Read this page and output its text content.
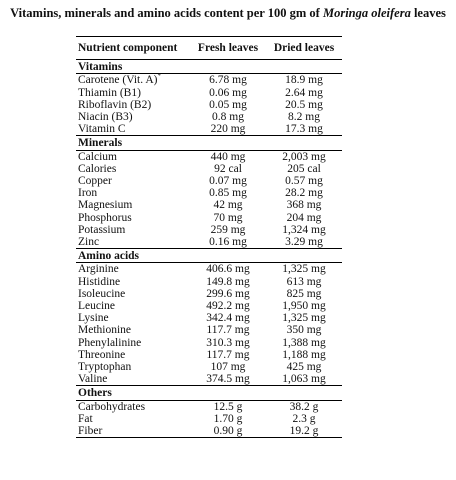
Vitamins, minerals and amino acids content per 100 gm of Moringa oleifera leaves
Nutrient component	Fresh leaves	Dried leaves
Vitamins		
Carotene (Vit. A)*	6.78 mg	18.9 mg
Thiamin (B1)	0.06 mg	2.64 mg
Riboflavin (B2)	0.05 mg	20.5 mg
Niacin (B3)	0.8 mg	8.2 mg
Vitamin C	220 mg	17.3 mg
Minerals		
Calcium	440 mg	2,003 mg
Calories	92 cal	205 cal
Copper	0.07 mg	0.57 mg
Iron	0.85 mg	28.2 mg
Magnesium	42 mg	368 mg
Phosphorus	70 mg	204 mg
Potassium	259 mg	1,324 mg
Zinc	0.16 mg	3.29 mg
Amino acids		
Arginine	406.6 mg	1,325 mg
Histidine	149.8 mg	613 mg
Isoleucine	299.6 mg	825 mg
Leucine	492.2 mg	1,950 mg
Lysine	342.4 mg	1,325 mg
Methionine	117.7 mg	350 mg
Phenylalinine	310.3 mg	1,388 mg
Threonine	117.7 mg	1,188 mg
Tryptophan	107 mg	425 mg
Valine	374.5 mg	1,063 mg
Others		
Carbohydrates	12.5 g	38.2 g
Fat	1.70 g	2.3 g
Fiber	0.90 g	19.2 g
